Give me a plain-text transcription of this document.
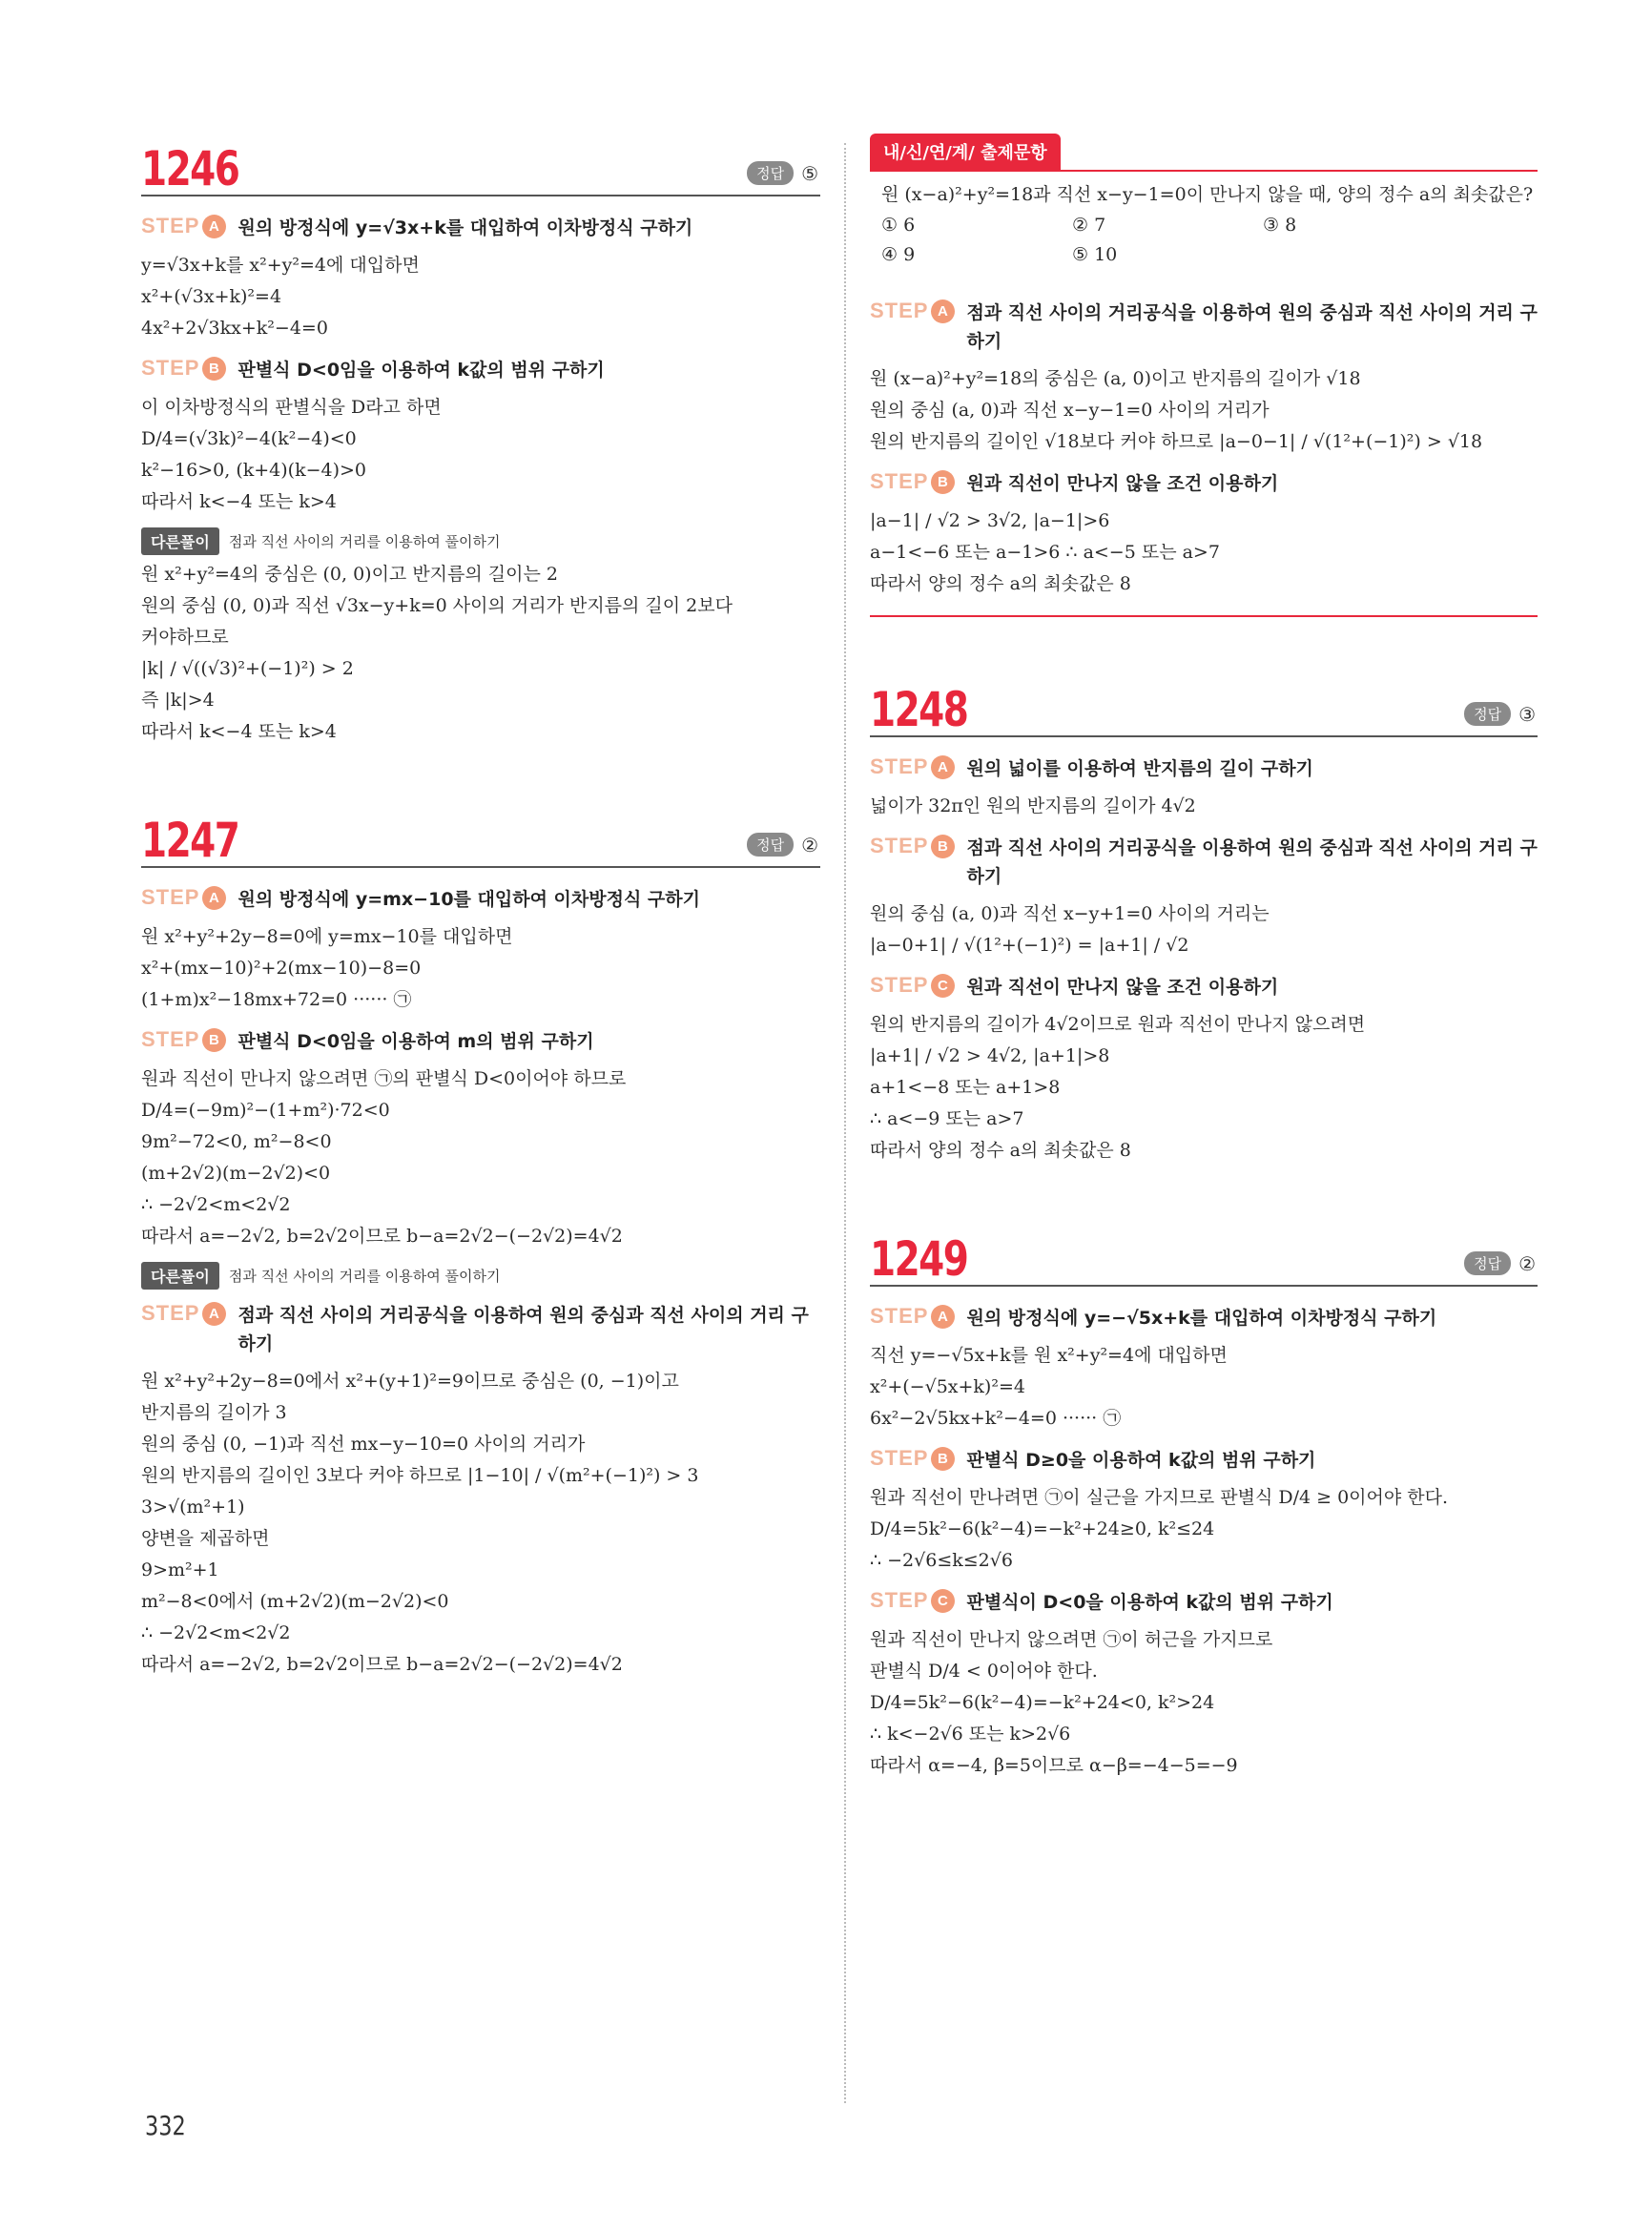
1246	정답 ⑤
STEP A 원의 방정식에 y=√3x+k를 대입하여 이차방정식 구하기
y=√3x+k를 x²+y²=4에 대입하면
x²+(√3x+k)²=4
4x²+2√3kx+k²−4=0
STEP B 판별식 D<0임을 이용하여 k값의 범위 구하기
이 이차방정식의 판별식을 D라고 하면
D/4=(√3k)²−4(k²−4)<0
k²−16>0, (k+4)(k−4)>0
따라서 k<−4 또는 k>4
다른풀이	점과 직선 사이의 거리를 이용하여 풀이하기
원 x²+y²=4의 중심은 (0, 0)이고 반지름의 길이는 2
원의 중심 (0, 0)과 직선 √3x−y+k=0 사이의 거리가 반지름의 길이 2보다
커야하므로
|k| / √((√3)²+(−1)²) > 2
즉 |k|>4
따라서 k<−4 또는 k>4
1247	정답 ②
STEP A 원의 방정식에 y=mx−10를 대입하여 이차방정식 구하기
원 x²+y²+2y−8=0에 y=mx−10를 대입하면
x²+(mx−10)²+2(mx−10)−8=0
(1+m)x²−18mx+72=0 ······ ㉠
STEP B 판별식 D<0임을 이용하여 m의 범위 구하기
원과 직선이 만나지 않으려면 ㉠의 판별식 D<0이어야 하므로
D/4=(−9m)²−(1+m²)·72<0
9m²−72<0, m²−8<0
(m+2√2)(m−2√2)<0
∴ −2√2<m<2√2
따라서 a=−2√2, b=2√2이므로 b−a=2√2−(−2√2)=4√2
다른풀이	점과 직선 사이의 거리를 이용하여 풀이하기
STEP A 점과 직선 사이의 거리공식을 이용하여 원의 중심과 직선 사이의 거리 구하기
원 x²+y²+2y−8=0에서 x²+(y+1)²=9이므로 중심은 (0, −1)이고
반지름의 길이가 3
원의 중심 (0, −1)과 직선 mx−y−10=0 사이의 거리가
원의 반지름의 길이인 3보다 커야 하므로 |1−10| / √(m²+(−1)²) > 3
3>√(m²+1)
양변을 제곱하면
9>m²+1
m²−8<0에서 (m+2√2)(m−2√2)<0
∴ −2√2<m<2√2
따라서 a=−2√2, b=2√2이므로 b−a=2√2−(−2√2)=4√2
내/신/연/계/ 출제문항
원 (x−a)²+y²=18과 직선 x−y−1=0이 만나지 않을 때, 양의 정수 a의 최솟값은?
① 6	② 7	③ 8
④ 9	⑤ 10
STEP A 점과 직선 사이의 거리공식을 이용하여 원의 중심과 직선 사이의 거리 구하기
원 (x−a)²+y²=18의 중심은 (a, 0)이고 반지름의 길이가 √18
원의 중심 (a, 0)과 직선 x−y−1=0 사이의 거리가
원의 반지름의 길이인 √18보다 커야 하므로 |a−0−1| / √(1²+(−1)²) > √18
STEP B 원과 직선이 만나지 않을 조건 이용하기
|a−1| / √2 > 3√2, |a−1|>6
a−1<−6 또는 a−1>6 ∴ a<−5 또는 a>7
따라서 양의 정수 a의 최솟값은 8
1248	정답 ③
STEP A 원의 넓이를 이용하여 반지름의 길이 구하기
넓이가 32π인 원의 반지름의 길이가 4√2
STEP B 점과 직선 사이의 거리공식을 이용하여 원의 중심과 직선 사이의 거리 구하기
원의 중심 (a, 0)과 직선 x−y+1=0 사이의 거리는
|a−0+1| / √(1²+(−1)²) = |a+1| / √2
STEP C 원과 직선이 만나지 않을 조건 이용하기
원의 반지름의 길이가 4√2이므로 원과 직선이 만나지 않으려면
|a+1| / √2 > 4√2, |a+1|>8
a+1<−8 또는 a+1>8
∴ a<−9 또는 a>7
따라서 양의 정수 a의 최솟값은 8
1249	정답 ②
STEP A 원의 방정식에 y=−√5x+k를 대입하여 이차방정식 구하기
직선 y=−√5x+k를 원 x²+y²=4에 대입하면
x²+(−√5x+k)²=4
6x²−2√5kx+k²−4=0 ······ ㉠
STEP B 판별식 D≥0을 이용하여 k값의 범위 구하기
원과 직선이 만나려면 ㉠이 실근을 가지므로 판별식 D/4 ≥ 0이어야 한다.
D/4=5k²−6(k²−4)=−k²+24≥0, k²≤24
∴ −2√6≤k≤2√6
STEP C 판별식이 D<0을 이용하여 k값의 범위 구하기
원과 직선이 만나지 않으려면 ㉠이 허근을 가지므로
판별식 D/4 < 0이어야 한다.
D/4=5k²−6(k²−4)=−k²+24<0, k²>24
∴ k<−2√6 또는 k>2√6
따라서 α=−4, β=5이므로 α−β=−4−5=−9
332
